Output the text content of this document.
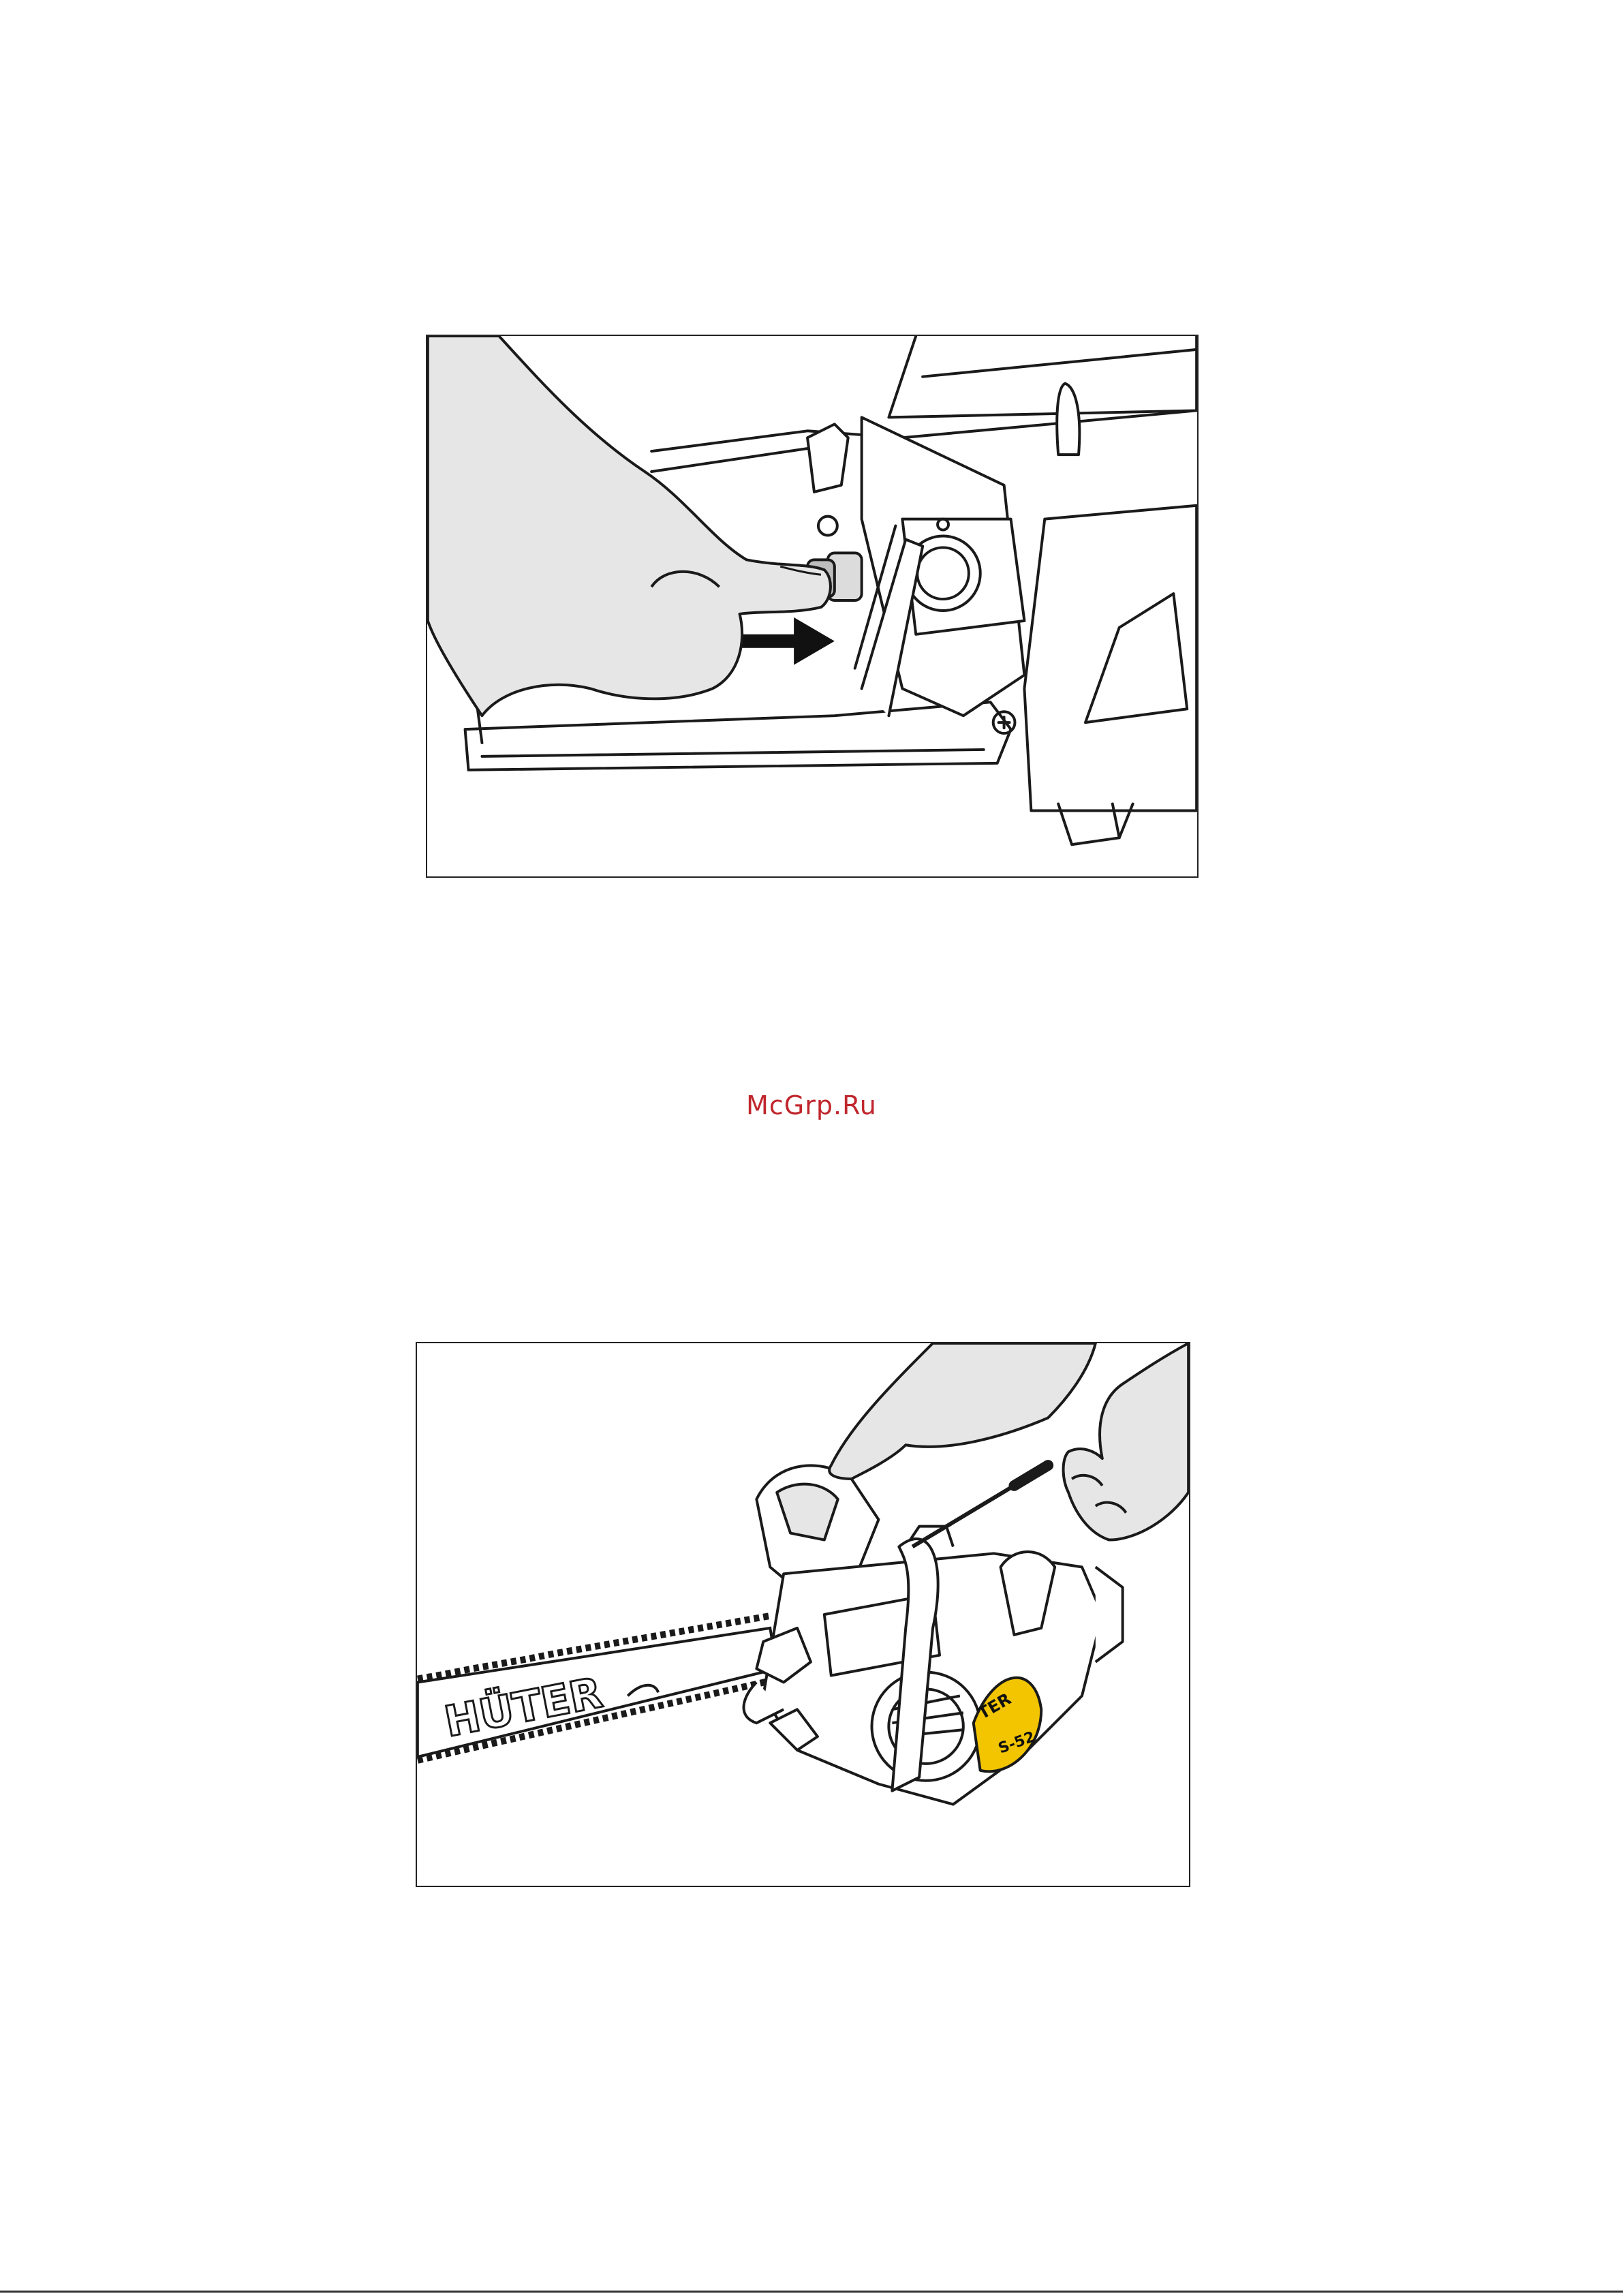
McGrp.Ru
HÜTER	TER
S-52
